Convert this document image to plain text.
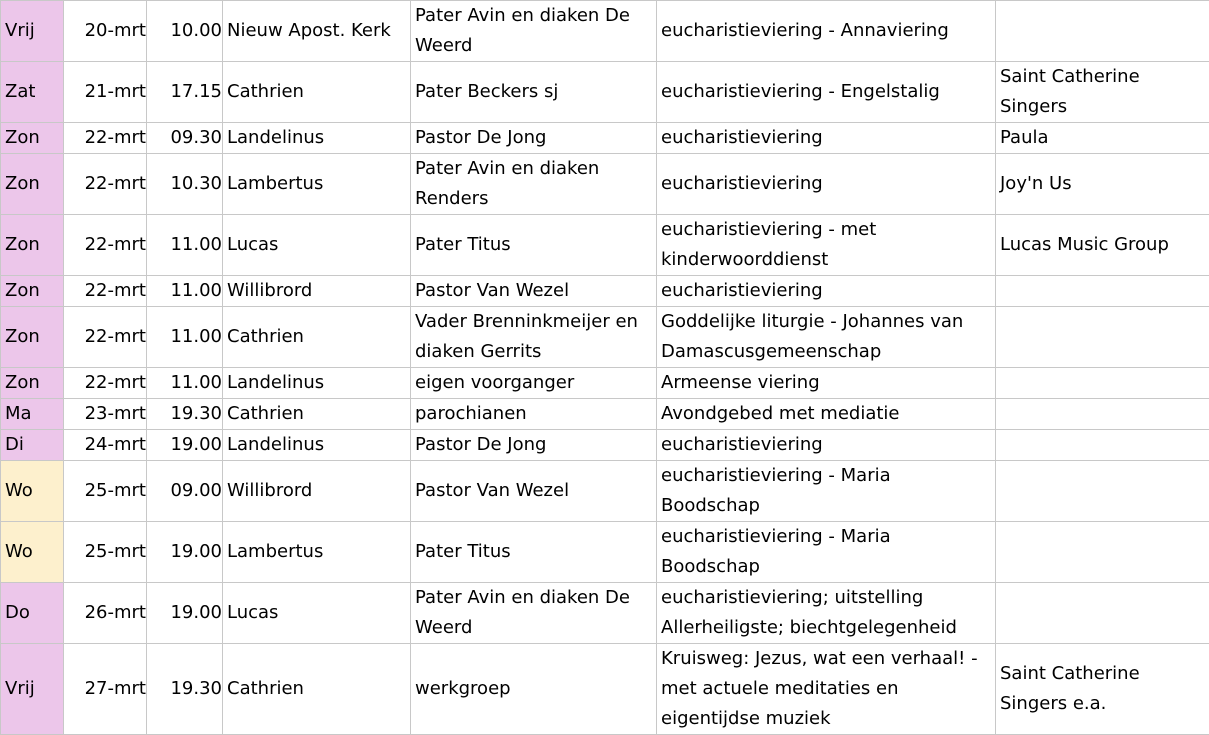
Vrij	20-mrt	10.00	Nieuw Apost. Kerk	Pater Avin en diaken De Weerd	eucharistieviering - Annaviering	
Zat	21-mrt	17.15	Cathrien	Pater Beckers sj	eucharistieviering - Engelstalig	Saint Catherine Singers
Zon	22-mrt	09.30	Landelinus	Pastor De Jong	eucharistieviering	Paula
Zon	22-mrt	10.30	Lambertus	Pater Avin en diaken Renders	eucharistieviering	Joy'n Us
Zon	22-mrt	11.00	Lucas	Pater Titus	eucharistieviering - met kinderwoorddienst	Lucas Music Group
Zon	22-mrt	11.00	Willibrord	Pastor Van Wezel	eucharistieviering	
Zon	22-mrt	11.00	Cathrien	Vader Brenninkmeijer en diaken Gerrits	Goddelijke liturgie - Johannes van Damascusgemeenschap	
Zon	22-mrt	11.00	Landelinus	eigen voorganger	Armeense viering	
Ma	23-mrt	19.30	Cathrien	parochianen	Avondgebed met mediatie	
Di	24-mrt	19.00	Landelinus	Pastor De Jong	eucharistieviering	
Wo	25-mrt	09.00	Willibrord	Pastor Van Wezel	eucharistieviering - Maria Boodschap	
Wo	25-mrt	19.00	Lambertus	Pater Titus	eucharistieviering - Maria Boodschap	
Do	26-mrt	19.00	Lucas	Pater Avin en diaken De Weerd	eucharistieviering; uitstelling Allerheiligste; biechtgelegenheid	
Vrij	27-mrt	19.30	Cathrien	werkgroep	Kruisweg: Jezus, wat een verhaal! - met actuele meditaties en eigentijdse muziek	Saint Catherine Singers e.a.
